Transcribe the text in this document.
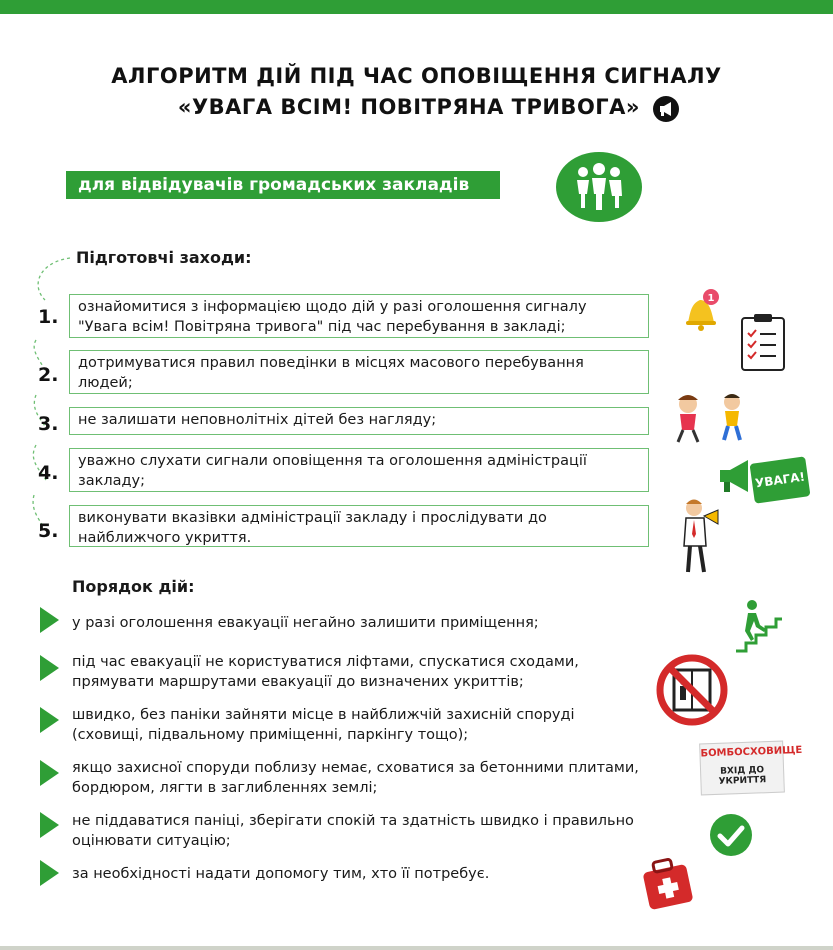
АЛГОРИТМ ДІЙ ПІД ЧАС ОПОВІЩЕННЯ СИГНАЛУ
«УВАГА ВСІМ! ПОВІТРЯНА ТРИВОГА»
для відвідувачів громадських закладів
Підготовчі заходи:
1.	ознайомитися з інформацією щодо дій у разі оголошення сигналу "Увага всім! Повітряна тривога" під час перебування в закладі;
2.
дотримуватися правил поведінки в місцях масового перебування людей;
3.	не залишати неповнолітніх дітей без нагляду;
4.
уважно слухати сигнали оповіщення та оголошення адміністрації закладу;
5.
виконувати вказівки адміністрації закладу і прослідувати до найближчого укриття.
Порядок дій:
у разі оголошення евакуації негайно залишити приміщення;
під час евакуації не користуватися ліфтами, спускатися сходами, прямувати маршрутами евакуації до визначених укриттів;
швидко, без паніки зайняти місце в найближчій захисній споруді (сховищі, підвальному приміщенні, паркінгу тощо);
якщо захисної споруди поблизу немає, сховатися за бетонними плитами, бордюром, лягти в заглибленнях землі;
не піддаватися паніці, зберігати спокій та здатність швидко і правильно оцінювати ситуацію;
за необхідності надати допомогу тим, хто її потребує.
1
УВАГА!
БОМБОСХОВИЩЕ
ВХІД ДО УКРИТТЯ
